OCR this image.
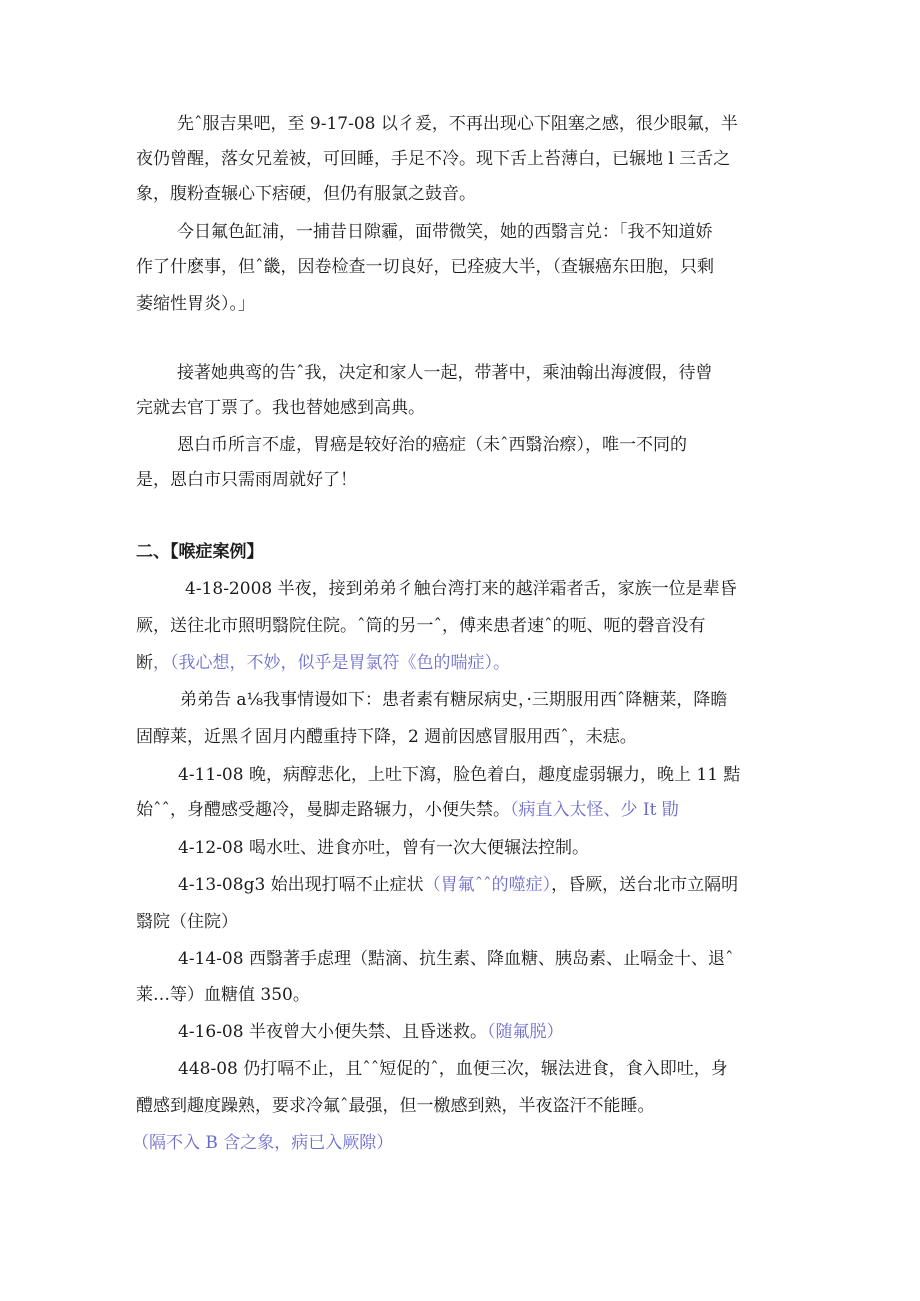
先ˆ服吉果吧，至 9-17-08 以彳爰，不再出现心下阻塞之感，很少眼氟，半
夜仍曾醒，落女兄羞被，可回睡，手足不冷。现下舌上苔薄白，已辗地 l 三舌之
象，腹粉查辗心下痞硬，但仍有服氯之鼓音。
今日氟色缸浦，一捕昔日隙霾，面带微笑，她的西翳言兑：「我不知道娇
作了什麽事，但ˆ畿，因卷检查一切良好，已痊疲大半，（查辗癌东田胞，只剩
萎缩性胃炎）。」
接著她典鸾的告ˆ我，决定和家人一起，带著中，乘油翰出海渡假，待曾
完就去官丁票了。我也替她感到高典。
恩白币所言不虚，胃癌是较好治的癌症（未ˆ西翳治瘵），唯一不同的
是，恩白市只需雨周就好了！
二、【喉症案例】
4-18-2008 半夜，接到弟弟彳触台湾打来的越洋霜者舌，家族一位是辈昏
厥，送往北市照明翳院住院。ˆ筒的另一ˆ，傅来患者速ˆ的呃、呃的磬音没有
断，（我心想，不妙，似乎是胃氯符《色的喘症）。
弟弟告 a⅛我事情谩如下：患者素有糖尿病史，·三期服用西ˆ降糖莱，降瞻
固醇莱，近黑彳固月内醴重持下降，2 週前因感冒服用西ˆ，未痣。
4-11-08 晚，病醇悲化，上吐下瀉，脸色着白，趣度虚弱辗力，晚上 11 黠
始ˆˆ，身醴感受趣冷，曼脚走路辗力，小便失禁。（病直入太怪、少 It 勖
4-12-08 喝水吐、进食亦吐，曾有一次大便辗法控制。
4-13-08g3 始出现打嗝不止症状（胃氟ˆˆ的噬症），昏厥，送台北市立隔明
翳院（住院）
4-14-08 西翳著手虑理（黠滴、抗生素、降血糖、胰岛素、止嗝金十、退ˆ
莱…等）血糖值 350。
4-16-08 半夜曾大小便失禁、且昏迷救。（随氟脱）
448-08 仍打嗝不止，且ˆˆ短促的ˆ，血便三次，辗法进食，食入即吐，身
醴感到趣度躁熟，要求冷氟ˆ最强，但一檄感到熟，半夜盗汗不能睡。
（隔不入 B 含之象，病已入厥隙）
